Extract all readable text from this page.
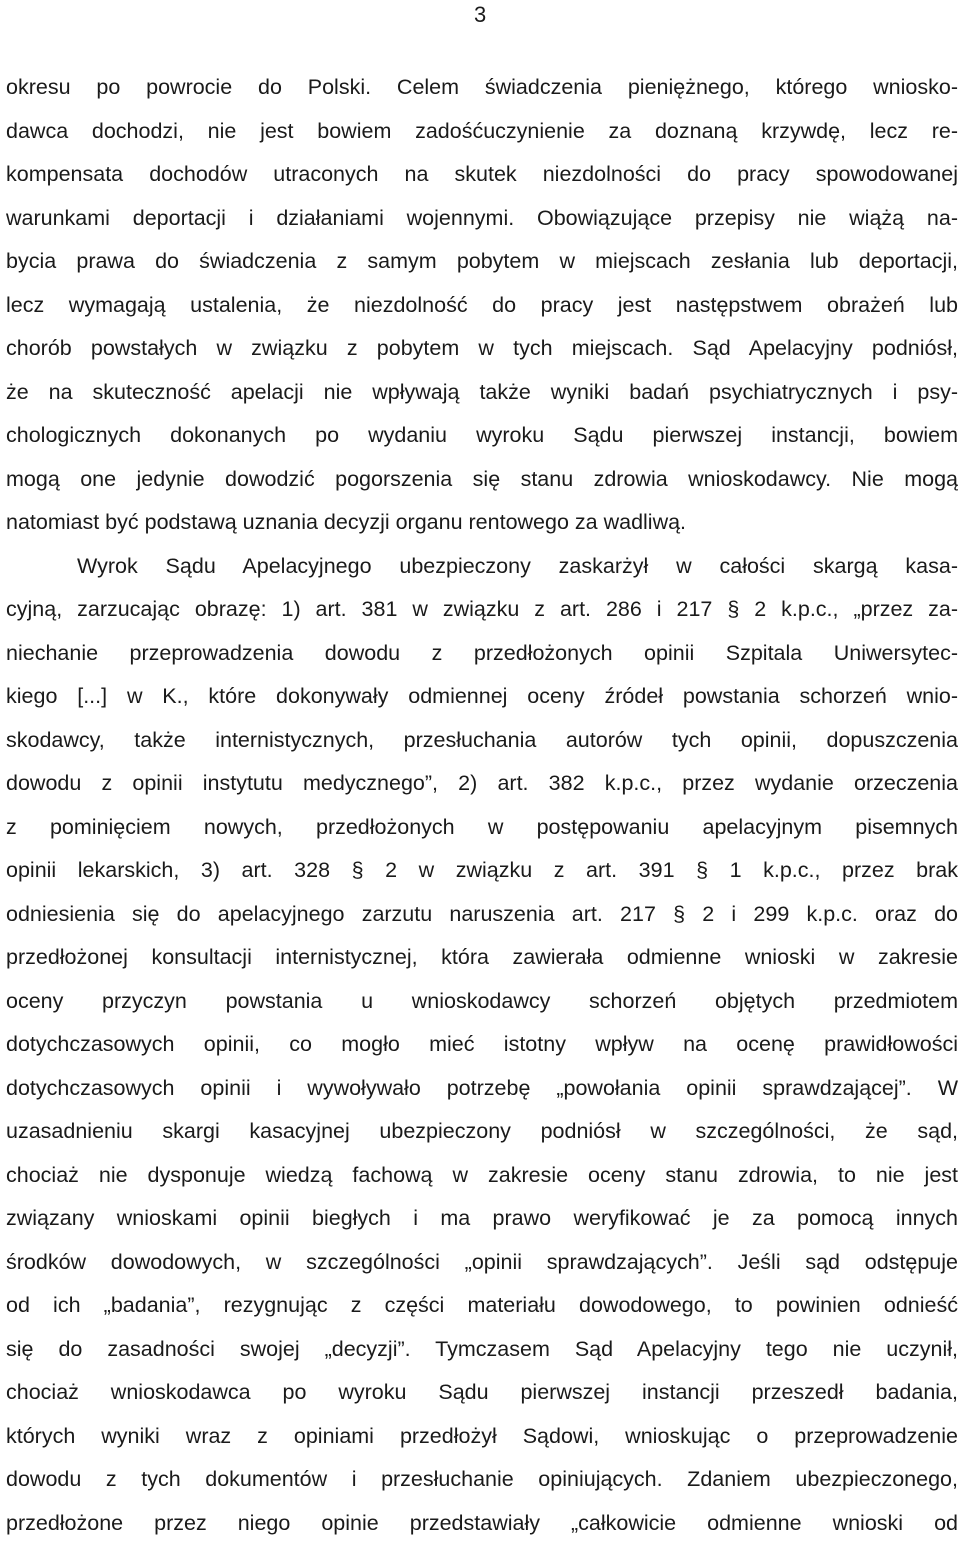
3
okresu po powrocie do Polski. Celem świadczenia pieniężnego, którego wniosko-
dawca dochodzi, nie jest bowiem zadośćuczynienie za doznaną krzywdę, lecz re-
kompensata dochodów utraconych na skutek niezdolności do pracy spowodowanej
warunkami deportacji i działaniami wojennymi. Obowiązujące przepisy nie wiążą na-
bycia prawa do świadczenia z samym pobytem w miejscach zesłania lub deportacji,
lecz wymagają ustalenia, że niezdolność do pracy jest następstwem obrażeń lub
chorób powstałych w związku z pobytem w tych miejscach. Sąd Apelacyjny podniósł,
że na skuteczność apelacji nie wpływają także wyniki badań psychiatrycznych i psy-
chologicznych dokonanych po wydaniu wyroku Sądu pierwszej instancji, bowiem
mogą one jedynie dowodzić pogorszenia się stanu zdrowia wnioskodawcy. Nie mogą
natomiast być podstawą uznania decyzji organu rentowego za wadliwą.
Wyrok Sądu Apelacyjnego ubezpieczony zaskarżył w całości skargą kasa-
cyjną, zarzucając obrazę: 1) art. 381 w związku z art. 286 i 217 § 2 k.p.c., „przez za-
niechanie przeprowadzenia dowodu z przedłożonych opinii Szpitala Uniwersytec-
kiego [...] w K., które dokonywały odmiennej oceny źródeł powstania schorzeń wnio-
skodawcy, także internistycznych, przesłuchania autorów tych opinii, dopuszczenia
dowodu z opinii instytutu medycznego”, 2) art. 382 k.p.c., przez wydanie orzeczenia
z pominięciem nowych, przedłożonych w postępowaniu apelacyjnym pisemnych
opinii lekarskich, 3) art. 328 § 2 w związku z art. 391 § 1 k.p.c., przez brak
odniesienia się do apelacyjnego zarzutu naruszenia art. 217 § 2 i 299 k.p.c. oraz do
przedłożonej konsultacji internistycznej, która zawierała odmienne wnioski w zakresie
oceny przyczyn powstania u wnioskodawcy schorzeń objętych przedmiotem
dotychczasowych opinii, co mogło mieć istotny wpływ na ocenę prawidłowości
dotychczasowych opinii i wywoływało potrzebę „powołania opinii sprawdzającej”. W
uzasadnieniu skargi kasacyjnej ubezpieczony podniósł w szczególności, że sąd,
chociaż nie dysponuje wiedzą fachową w zakresie oceny stanu zdrowia, to nie jest
związany wnioskami opinii biegłych i ma prawo weryfikować je za pomocą innych
środków dowodowych, w szczególności „opinii sprawdzających”. Jeśli sąd odstępuje
od ich „badania”, rezygnując z części materiału dowodowego, to powinien odnieść
się do zasadności swojej „decyzji”. Tymczasem Sąd Apelacyjny tego nie uczynił,
chociaż wnioskodawca po wyroku Sądu pierwszej instancji przeszedł badania,
których wyniki wraz z opiniami przedłożył Sądowi, wnioskując o przeprowadzenie
dowodu z tych dokumentów i przesłuchanie opiniujących. Zdaniem ubezpieczonego,
przedłożone przez niego opinie przedstawiały „całkowicie odmienne wnioski od
